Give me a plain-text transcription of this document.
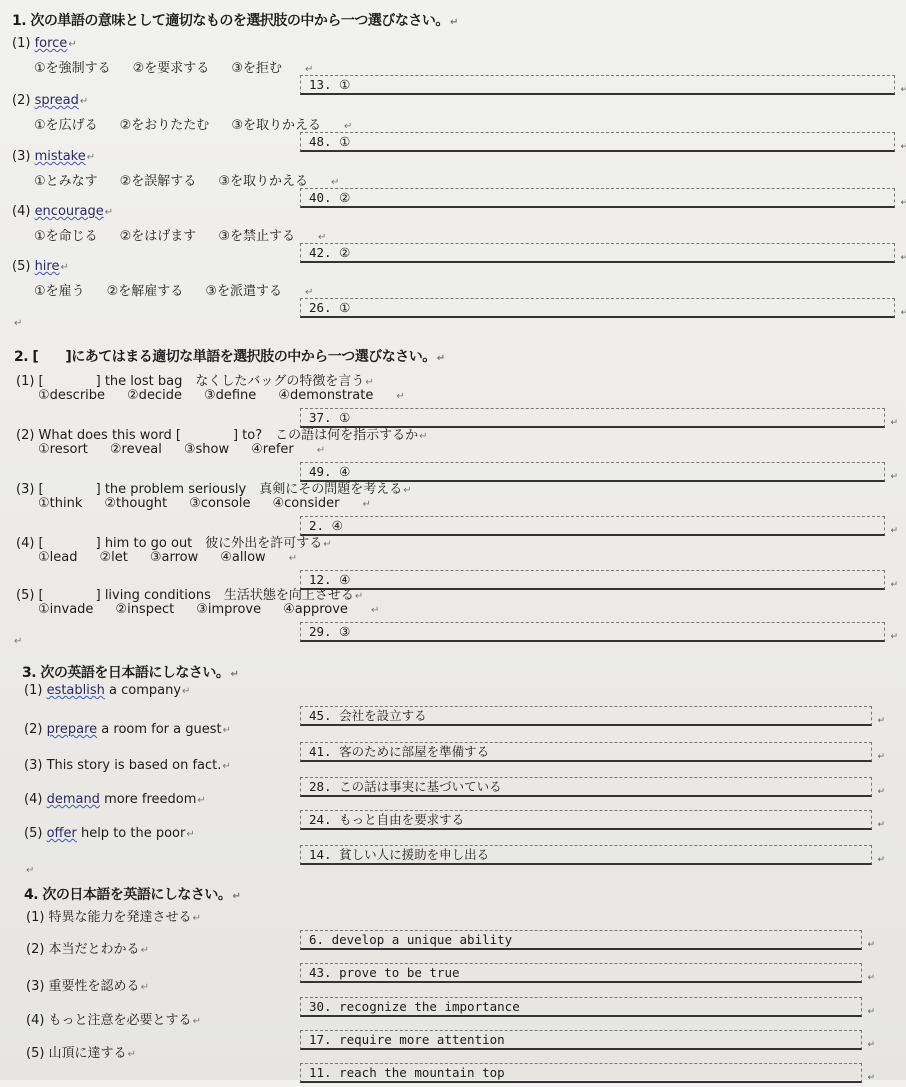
1. 次の単語の意味として適切なものを選択肢の中から一つ選びなさい。 ↵
(1) force ↵
①を強制する ②を要求する ③を拒む ↵
13. ① ↵
(2) spread ↵
①を広げる ②をおりたたむ ③を取りかえる ↵
48. ① ↵
(3) mistake ↵
①とみなす ②を誤解する ③を取りかえる ↵
40. ② ↵
(4) encourage ↵
①を命じる ②をはげます ③を禁止する ↵
42. ② ↵
(5) hire ↵
①を雇う ②を解雇する ③を派遣する ↵
26. ① ↵
↵
2. [　　]にあてはまる適切な単語を選択肢の中から一つ選びなさい。 ↵
(1) [　　　　] the lost bag　なくしたバッグの特徴を言う ↵
①describe ②decide ③define ④demonstrate ↵
37. ① ↵
(2) What does this word [　　　　] to?　この語は何を指示するか ↵
①resort ②reveal ③show ④refer ↵
49. ④ ↵
(3) [　　　　] the problem seriously　真剣にその問題を考える ↵
①think ②thought ③console ④consider ↵
2. ④ ↵
(4) [　　　　] him to go out　彼に外出を許可する ↵
①lead ②let ③arrow ④allow ↵
12. ④ ↵
(5) [　　　　] living conditions　生活状態を向上させる ↵
①invade ②inspect ③improve ④approve ↵
29. ③ ↵
↵
3. 次の英語を日本語にしなさい。 ↵
(1) establish a company ↵
45. 会社を設立する ↵
(2) prepare a room for a guest ↵
41. 客のために部屋を準備する ↵
(3) This story is based on fact. ↵
28. この話は事実に基づいている ↵
(4) demand more freedom ↵
24. もっと自由を要求する ↵
(5) offer help to the poor ↵
14. 貧しい人に援助を申し出る ↵
↵
4. 次の日本語を英語にしなさい。 ↵
(1) 特異な能力を発達させる ↵
6. develop a unique ability ↵
(2) 本当だとわかる ↵
43. prove to be true ↵
(3) 重要性を認める ↵
30. recognize the importance ↵
(4) もっと注意を必要とする ↵
17. require more attention ↵
(5) 山頂に達する ↵
11. reach the mountain top ↵
